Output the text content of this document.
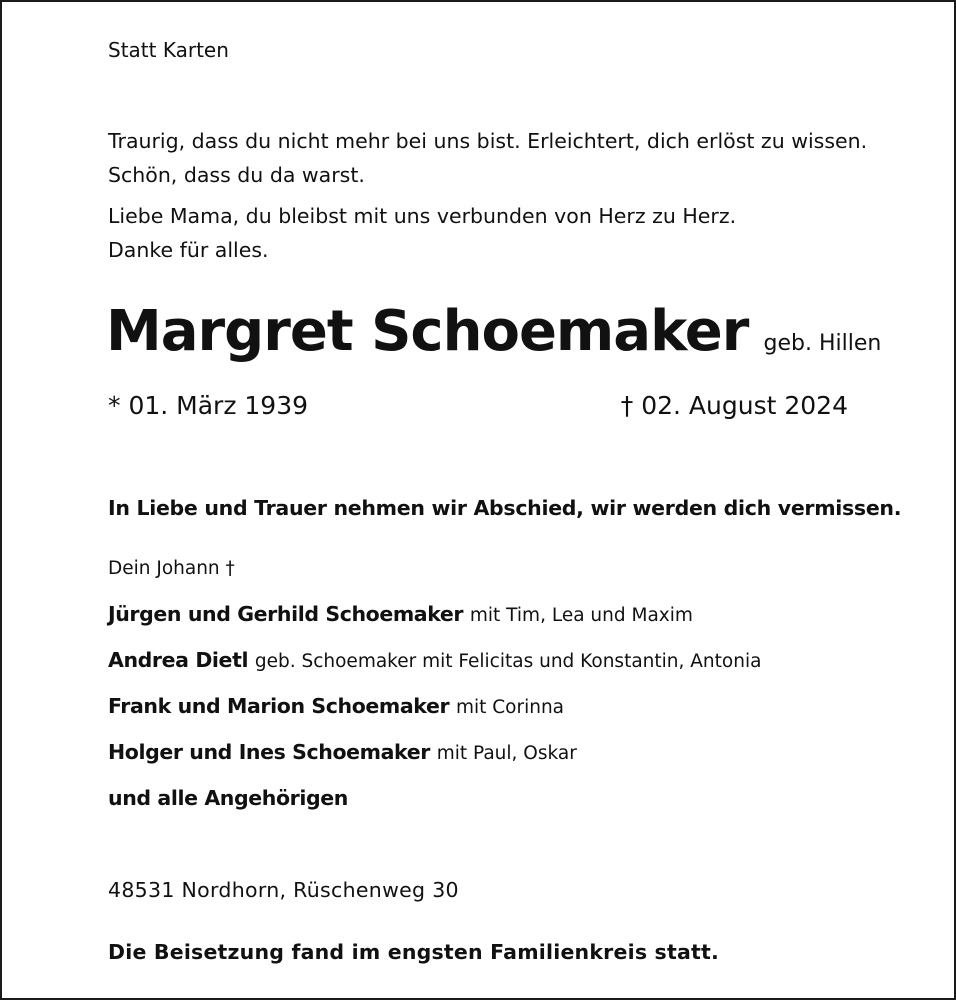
Statt Karten
Traurig, dass du nicht mehr bei uns bist. Erleichtert, dich erlöst zu wissen.
Schön, dass du da warst.
Liebe Mama, du bleibst mit uns verbunden von Herz zu Herz.
Danke für alles.
Margret Schoemaker geb. Hillen
* 01. März 1939	† 02. August 2024
In Liebe und Trauer nehmen wir Abschied, wir werden dich vermissen.
Dein Johann †
Jürgen und Gerhild Schoemaker mit Tim, Lea und Maxim
Andrea Dietl geb. Schoemaker mit Felicitas und Konstantin, Antonia
Frank und Marion Schoemaker mit Corinna
Holger und Ines Schoemaker mit Paul, Oskar
und alle Angehörigen
48531 Nordhorn, Rüschenweg 30
Die Beisetzung fand im engsten Familienkreis statt.
